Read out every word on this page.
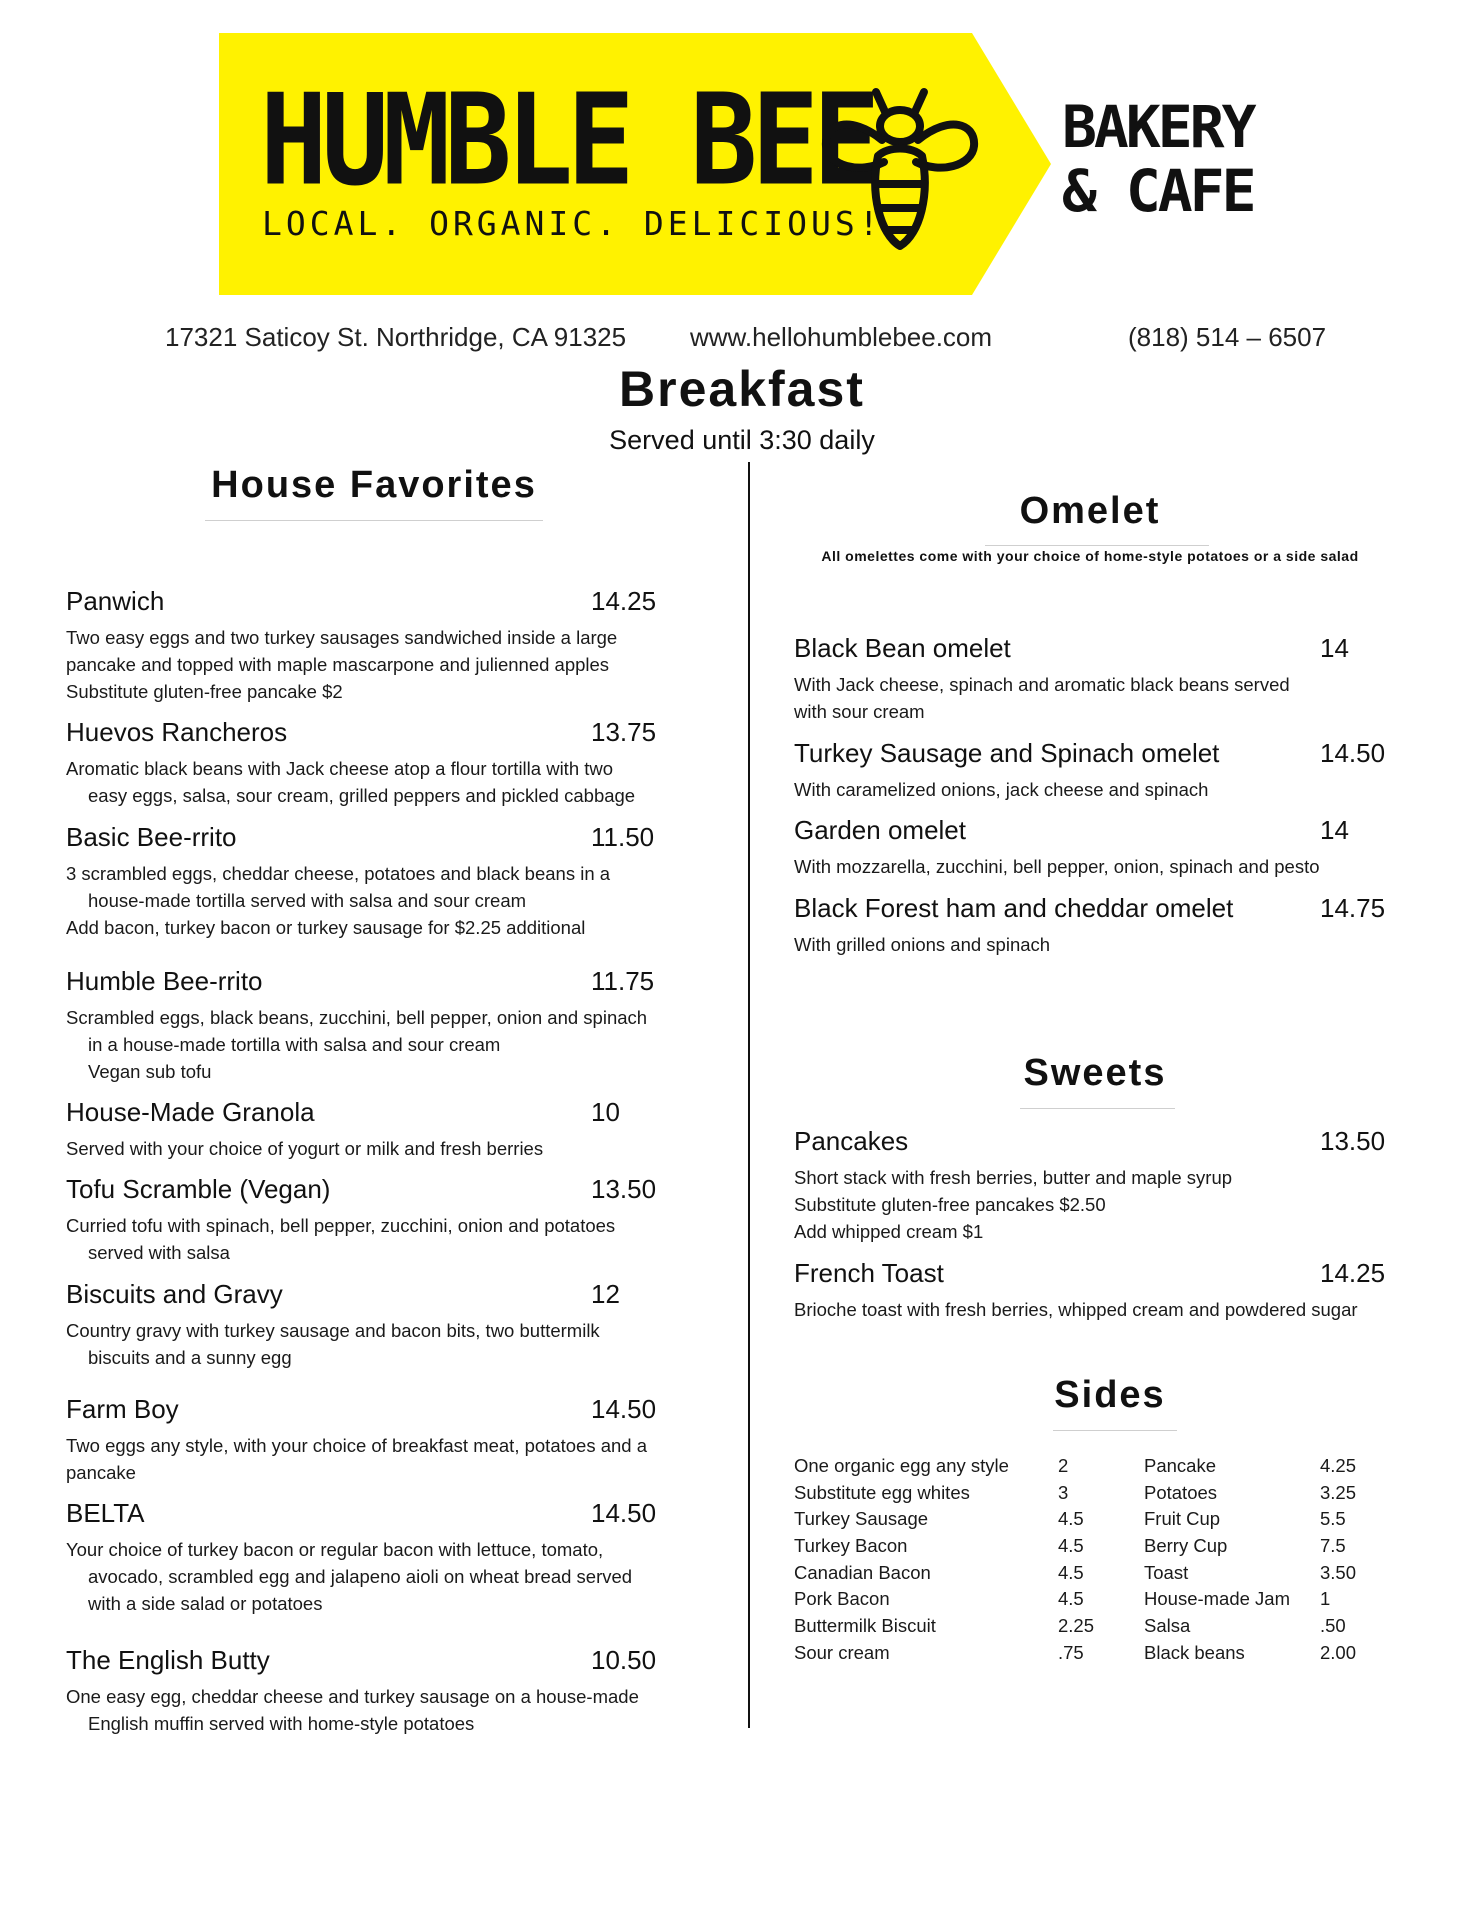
HUMBLE BEE
LOCAL. ORGANIC. DELICIOUS!
BAKERY
& CAFE
17321 Saticoy St. Northridge, CA 91325 www.hellohumblebee.com	(818) 514 – 6507
Breakfast
Served until 3:30 daily
House Favorites
Omelet
All omelettes come with your choice of home-style potatoes or a side salad
Sweets
Sides
Panwich	14.25
Two easy eggs and two turkey sausages sandwiched inside a large
pancake and topped with maple mascarpone and julienned apples
Substitute gluten-free pancake $2
Huevos Rancheros	13.75
Aromatic black beans with Jack cheese atop a flour tortilla with two
easy eggs, salsa, sour cream, grilled peppers and pickled cabbage
Basic Bee-rrito	11.50
3 scrambled eggs, cheddar cheese, potatoes and black beans in a
house-made tortilla served with salsa and sour cream
Add bacon, turkey bacon or turkey sausage for $2.25 additional
Humble Bee-rrito	11.75
Scrambled eggs, black beans, zucchini, bell pepper, onion and spinach
in a house-made tortilla with salsa and sour cream
Vegan sub tofu
House-Made Granola	10
Served with your choice of yogurt or milk and fresh berries
Tofu Scramble (Vegan)	13.50
Curried tofu with spinach, bell pepper, zucchini, onion and potatoes
served with salsa
Biscuits and Gravy	12
Country gravy with turkey sausage and bacon bits, two buttermilk
biscuits and a sunny egg
Farm Boy	14.50
Two eggs any style, with your choice of breakfast meat, potatoes and a
pancake
BELTA	14.50
Your choice of turkey bacon or regular bacon with lettuce, tomato,
avocado, scrambled egg and jalapeno aioli on wheat bread served
with a side salad or potatoes
The English Butty	10.50
One easy egg, cheddar cheese and turkey sausage on a house-made
English muffin served with home-style potatoes
Black Bean omelet	14
With Jack cheese, spinach and aromatic black beans served
with sour cream
Turkey Sausage and Spinach omelet	14.50
With caramelized onions, jack cheese and spinach
Garden omelet	14
With mozzarella, zucchini, bell pepper, onion, spinach and pesto
Black Forest ham and cheddar omelet	14.75
With grilled onions and spinach
Pancakes	13.50
Short stack with fresh berries, butter and maple syrup
Substitute gluten-free pancakes $2.50
Add whipped cream $1
French Toast	14.25
Brioche toast with fresh berries, whipped cream and powdered sugar
One organic egg any style	2
Substitute egg whites	3
Turkey Sausage	4.5
Turkey Bacon	4.5
Canadian Bacon	4.5
Pork Bacon	4.5
Buttermilk Biscuit	2.25
Sour cream	.75
Pancake	4.25
Potatoes	3.25
Fruit Cup	5.5
Berry Cup	7.5
Toast	3.50
House-made Jam 1
Salsa	.50
Black beans	2.00
